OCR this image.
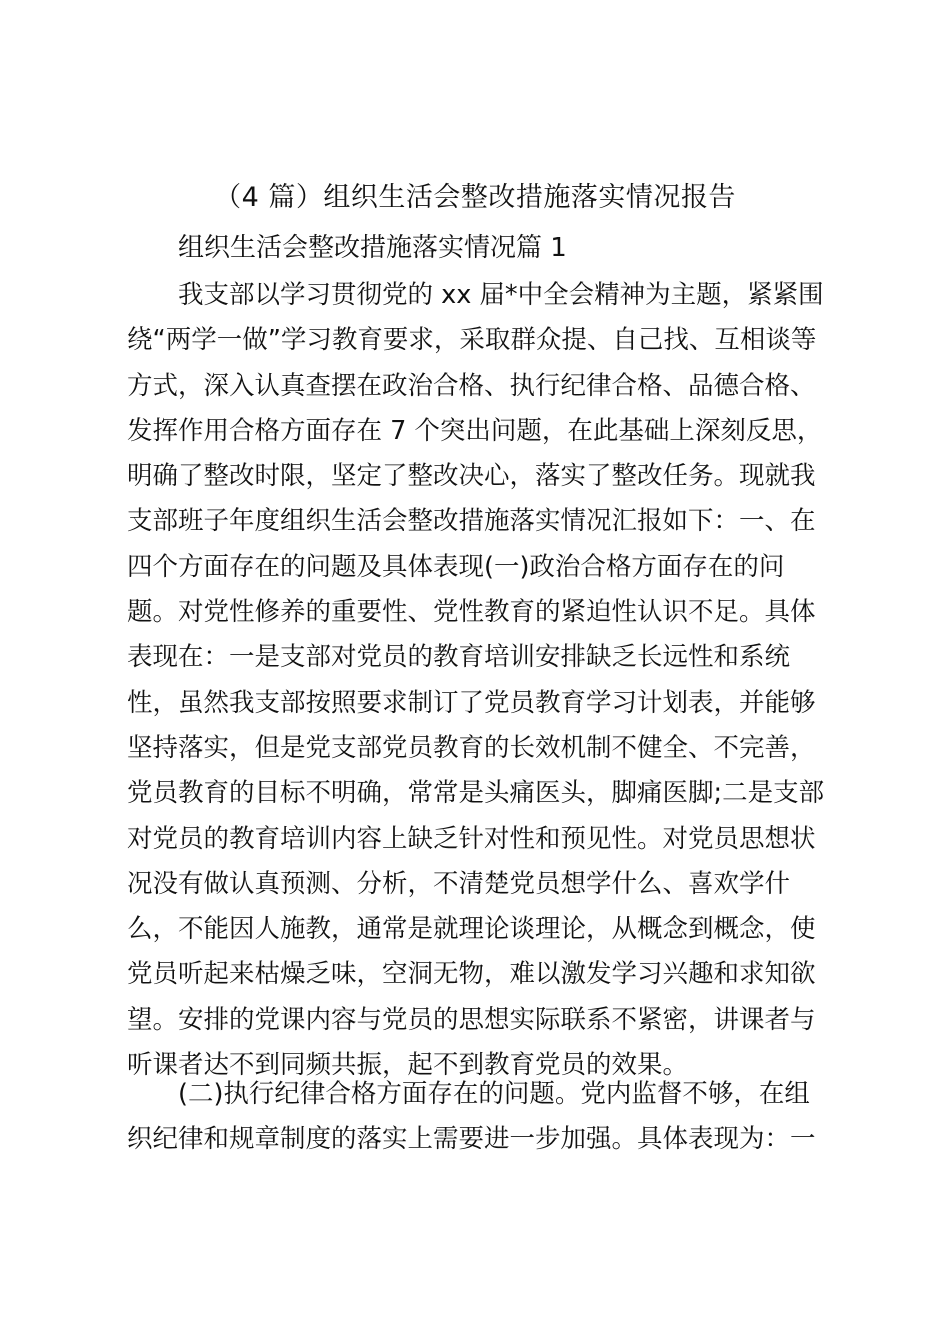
（4 篇）组织生活会整改措施落实情况报告

组织生活会整改措施落实情况篇 1

我支部以学习贯彻党的 xx 届*中全会精神为主题，紧紧围

绕“两学一做”学习教育要求，采取群众提、自己找、互相谈等

方式，深入认真查摆在政治合格、执行纪律合格、品德合格、

发挥作用合格方面存在 7 个突出问题，在此基础上深刻反思，

明确了整改时限，坚定了整改决心，落实了整改任务。现就我

支部班子年度组织生活会整改措施落实情况汇报如下：一、在

四个方面存在的问题及具体表现(一)政治合格方面存在的问

题。对党性修养的重要性、党性教育的紧迫性认识不足。具体

表现在：一是支部对党员的教育培训安排缺乏长远性和系统

性，虽然我支部按照要求制订了党员教育学习计划表，并能够

坚持落实，但是党支部党员教育的长效机制不健全、不完善，

党员教育的目标不明确，常常是头痛医头，脚痛医脚;二是支部

对党员的教育培训内容上缺乏针对性和预见性。对党员思想状

况没有做认真预测、分析，不清楚党员想学什么、喜欢学什

么，不能因人施教，通常是就理论谈理论，从概念到概念，使

党员听起来枯燥乏味，空洞无物，难以激发学习兴趣和求知欲

望。安排的党课内容与党员的思想实际联系不紧密，讲课者与

听课者达不到同频共振，起不到教育党员的效果。

(二)执行纪律合格方面存在的问题。党内监督不够，在组

织纪律和规章制度的落实上需要进一步加强。具体表现为：一
